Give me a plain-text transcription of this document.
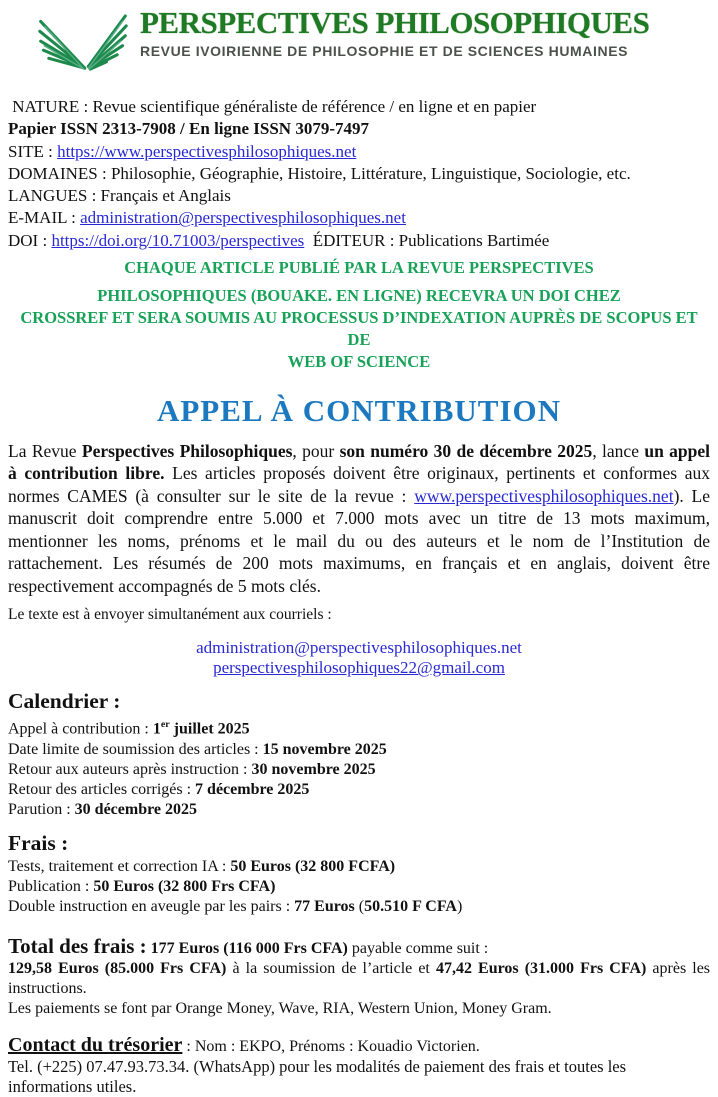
PERSPECTIVES PHILOSOPHIQUES
REVUE IVOIRIENNE DE PHILOSOPHIE ET DE SCIENCES HUMAINES
NATURE : Revue scientifique généraliste de référence / en ligne et en papier
Papier ISSN 2313-7908 / En ligne ISSN 3079-7497
SITE : https://www.perspectivesphilosophiques.net
DOMAINES : Philosophie, Géographie, Histoire, Littérature, Linguistique, Sociologie, etc.
LANGUES : Français et Anglais
E-MAIL : administration@perspectivesphilosophiques.net
DOI : https://doi.org/10.71003/perspectives  ÉDITEUR : Publications Bartimée
CHAQUE ARTICLE PUBLIÉ PAR LA REVUE PERSPECTIVES
PHILOSOPHIQUES (BOUAKE. EN LIGNE) RECEVRA UN DOI CHEZ
CROSSREF ET SERA SOUMIS AU PROCESSUS D’INDEXATION AUPRÈS DE SCOPUS ET DE
WEB OF SCIENCE
APPEL À CONTRIBUTION

La Revue Perspectives Philosophiques, pour son numéro 30 de décembre 2025, lance un appel à contribution libre. Les articles proposés doivent être originaux, pertinents et conformes aux normes CAMES (à consulter sur le site de la revue : www.perspectivesphilosophiques.net). Le manuscrit doit comprendre entre 5.000 et 7.000 mots avec un titre de 13 mots maximum, mentionner les noms, prénoms et le mail du ou des auteurs et le nom de l’Institution de rattachement. Les résumés de 200 mots maximums, en français et en anglais, doivent être respectivement accompagnés de 5 mots clés.

Le texte est à envoyer simultanément aux courriels :
administration@perspectivesphilosophiques.net
perspectivesphilosophiques22@gmail.com
Calendrier :
Appel à contribution : 1er juillet 2025
Date limite de soumission des articles : 15 novembre 2025
Retour aux auteurs après instruction : 30 novembre 2025
Retour des articles corrigés : 7 décembre 2025
Parution : 30 décembre 2025
Frais :
Tests, traitement et correction IA : 50 Euros (32 800 FCFA)
Publication : 50 Euros (32 800 Frs CFA)
Double instruction en aveugle par les pairs : 77 Euros (50.510 F CFA)
Total des frais : 177 Euros (116 000 Frs CFA) payable comme suit :
129,58 Euros (85.000 Frs CFA) à la soumission de l’article et 47,42 Euros (31.000 Frs CFA) après les instructions.
Les paiements se font par Orange Money, Wave, RIA, Western Union, Money Gram.
Contact du trésorier : Nom : EKPO, Prénoms : Kouadio Victorien.
Tel. (+225) 07.47.93.73.34. (WhatsApp) pour les modalités de paiement des frais et toutes les informations utiles.
